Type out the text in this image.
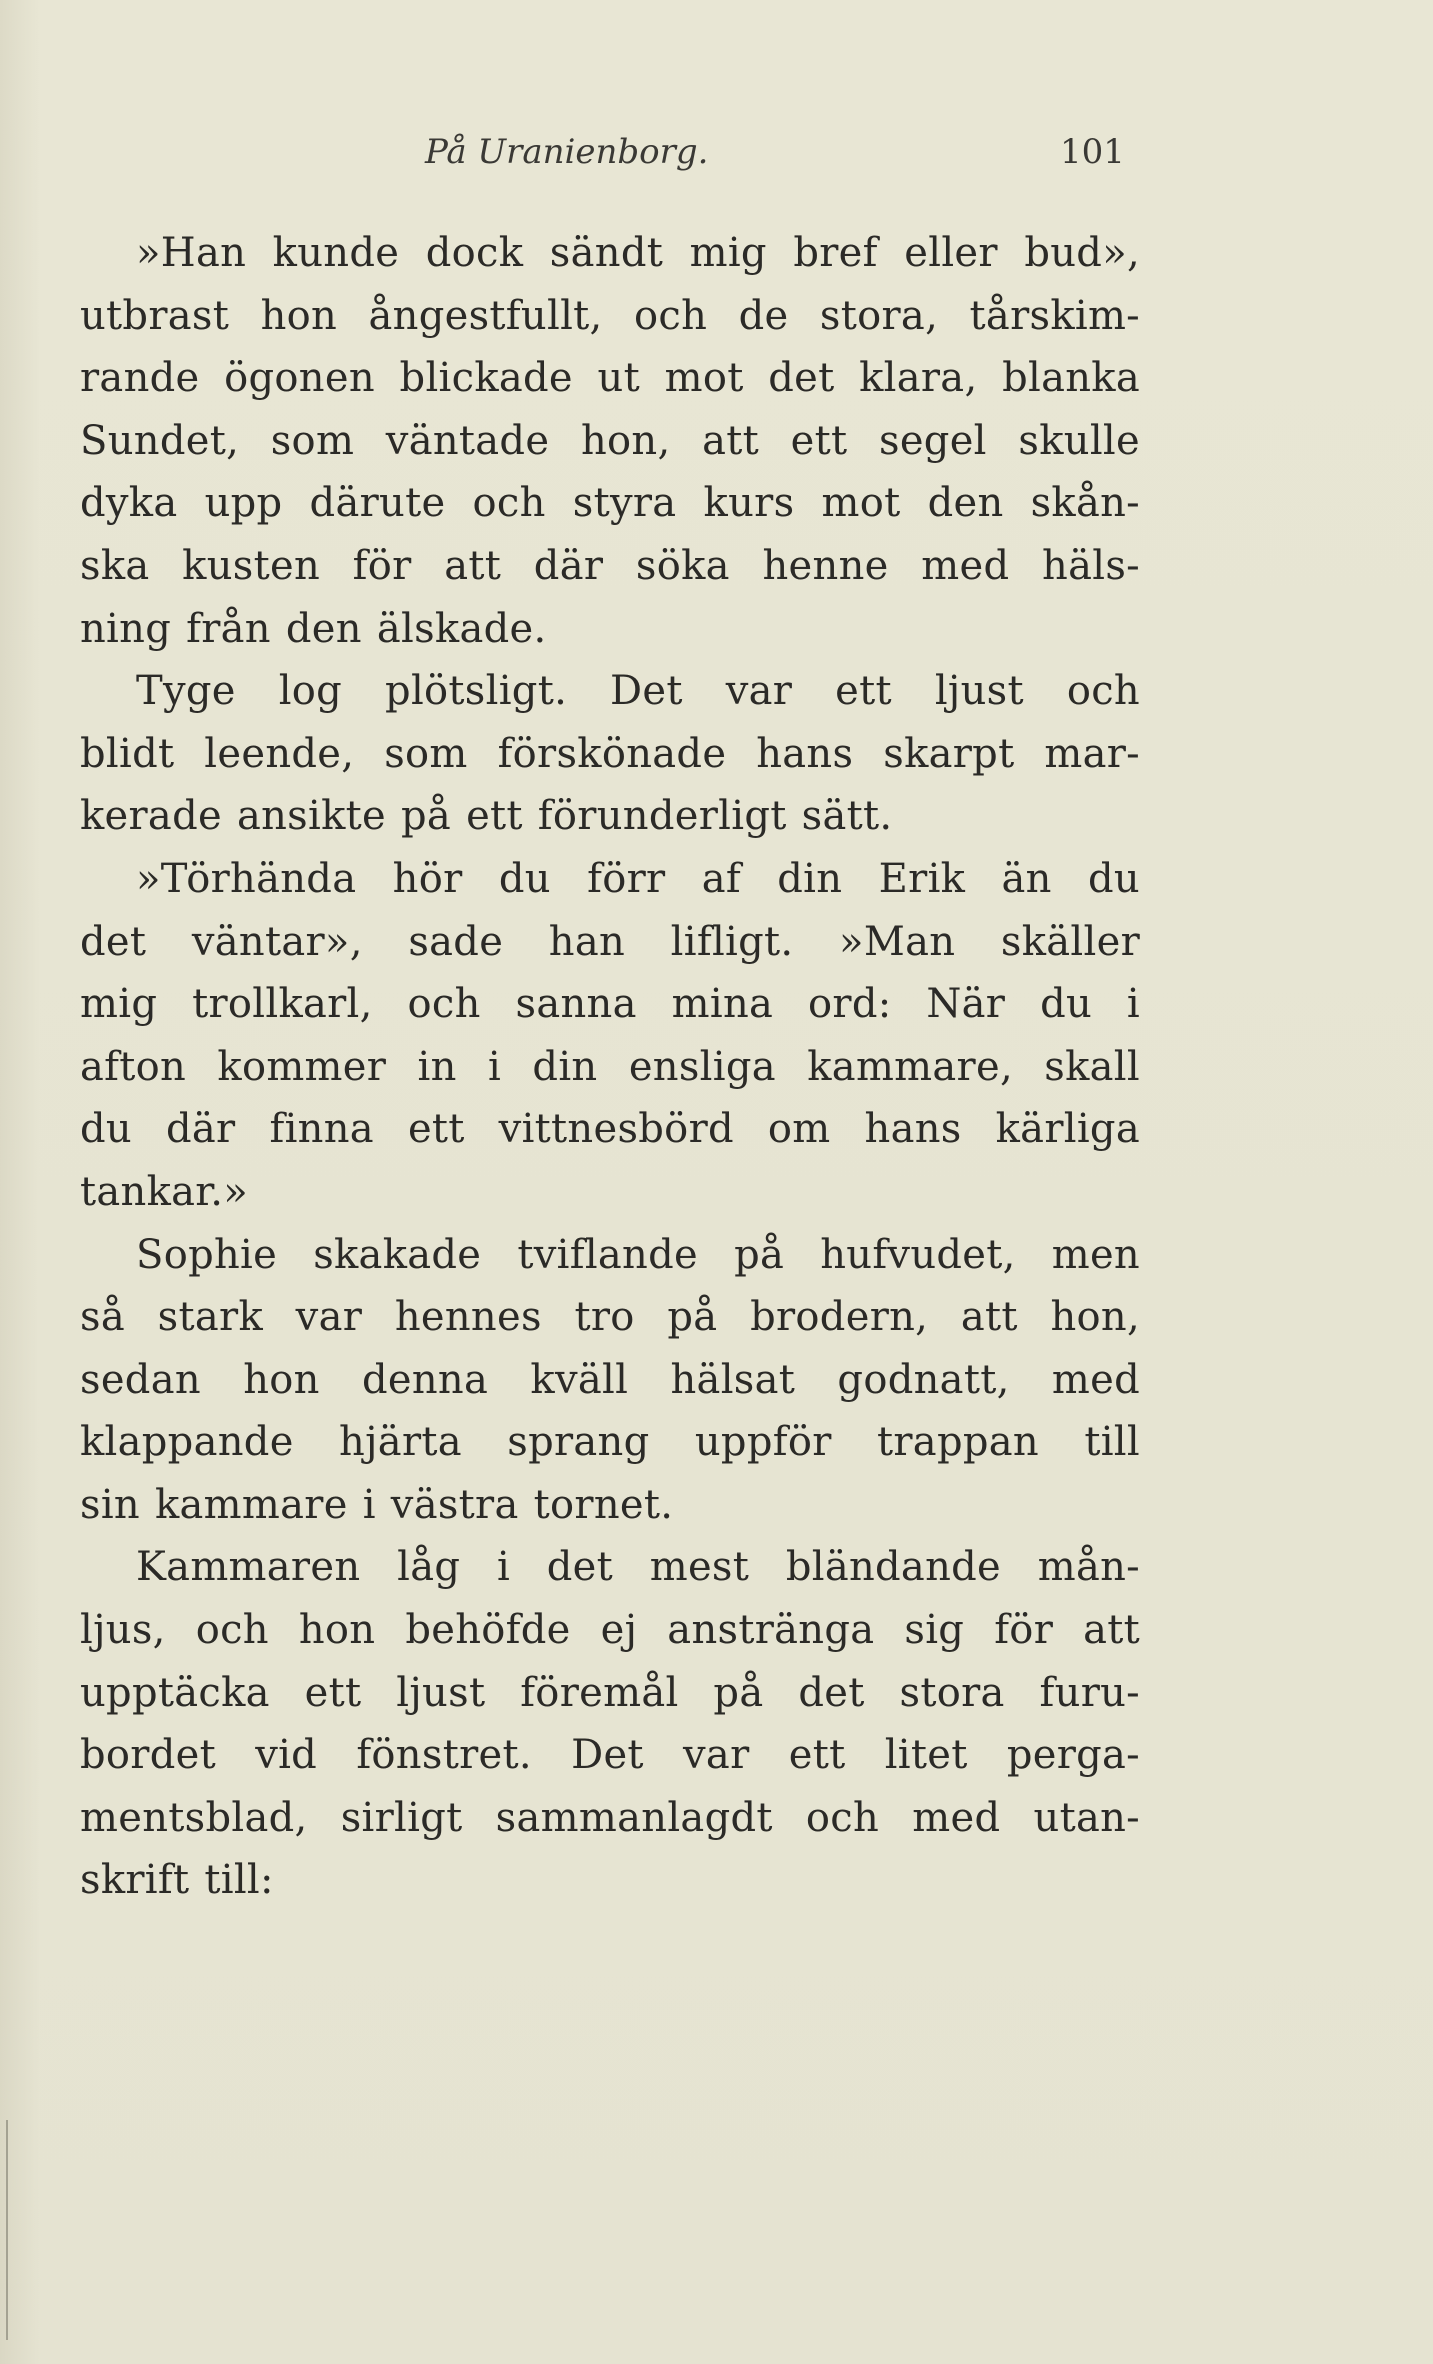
På Uranienborg.	101
»Han kunde dock sändt mig bref eller bud»,
utbrast hon ångestfullt, och de stora, tårskim-
rande ögonen blickade ut mot det klara, blanka
Sundet, som väntade hon, att ett segel skulle
dyka upp därute och styra kurs mot den skån-
ska kusten för att där söka henne med häls-
ning från den älskade.
Tyge log plötsligt. Det var ett ljust och
blidt leende, som förskönade hans skarpt mar-
kerade ansikte på ett förunderligt sätt.
»Törhända hör du förr af din Erik än du
det väntar», sade han lifligt. »Man skäller
mig trollkarl, och sanna mina ord: När du i
afton kommer in i din ensliga kammare, skall
du där finna ett vittnesbörd om hans kärliga
tankar.»
Sophie skakade tviflande på hufvudet, men
så stark var hennes tro på brodern, att hon,
sedan hon denna kväll hälsat godnatt, med
klappande hjärta sprang uppför trappan till
sin kammare i västra tornet.
Kammaren låg i det mest bländande mån-
ljus, och hon behöfde ej anstränga sig för att
upptäcka ett ljust föremål på det stora furu-
bordet vid fönstret. Det var ett litet perga-
mentsblad, sirligt sammanlagdt och med utan-
skrift till:
